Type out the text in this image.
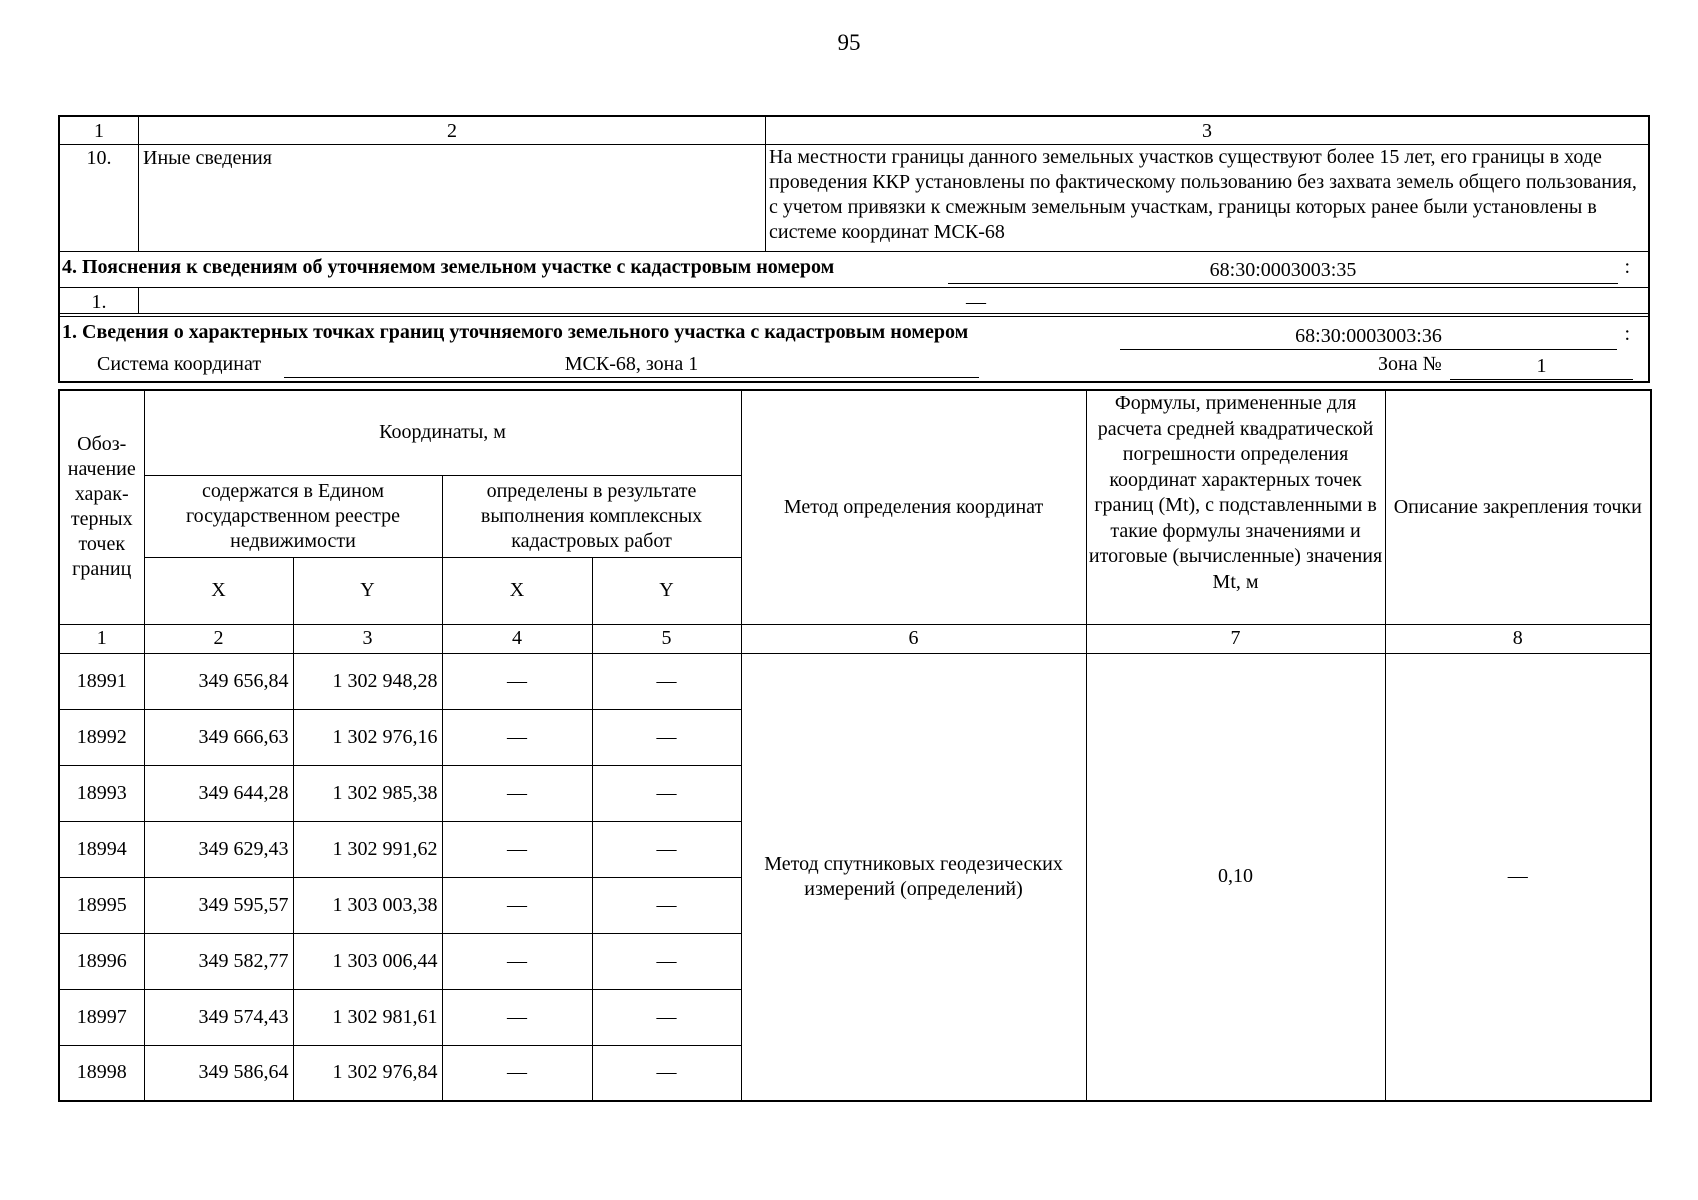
95
1	2	3
10.	Иные сведения	На местности границы данного земельных участков существуют более 15 лет, его границы в ходе проведения ККР установлены по фактическому пользованию без захвата земель общего пользования, с учетом привязки к смежным земельным участкам, границы которых ранее были установлены в системе координат МСК-68
4. Пояснения к сведениям об уточняемом земельном участке с кадастровым номером	68:30:0003003:35	:
1.	—
1. Сведения о характерных точках границ уточняемого земельного участка с кадастровым номером	68:30:0003003:36	:
Система координат	МСК-68, зона 1	Зона №	1
Обоз-начение харак-терных точек границ	Координаты, м				Метод определения координат	Формулы, примененные для расчета средней квадратической погрешности определения координат характерных точек границ (Mt), с подставленными в такие формулы значениями и итоговые (вычисленные) значения Mt, м	Описание закрепления точки
	содержатся в Едином государственном реестре недвижимости		определены в результате выполнения комплексных кадастровых работ				
	X	Y	X	Y			
1	2	3	4	5	6	7	8
18991	349 656,84	1 302 948,28	—	—	Метод спутниковых геодезических измерений (определений)	0,10	—
18992	349 666,63	1 302 976,16	—	—			
18993	349 644,28	1 302 985,38	—	—			
18994	349 629,43	1 302 991,62	—	—			
18995	349 595,57	1 303 003,38	—	—			
18996	349 582,77	1 303 006,44	—	—			
18997	349 574,43	1 302 981,61	—	—			
18998	349 586,64	1 302 976,84	—	—			
